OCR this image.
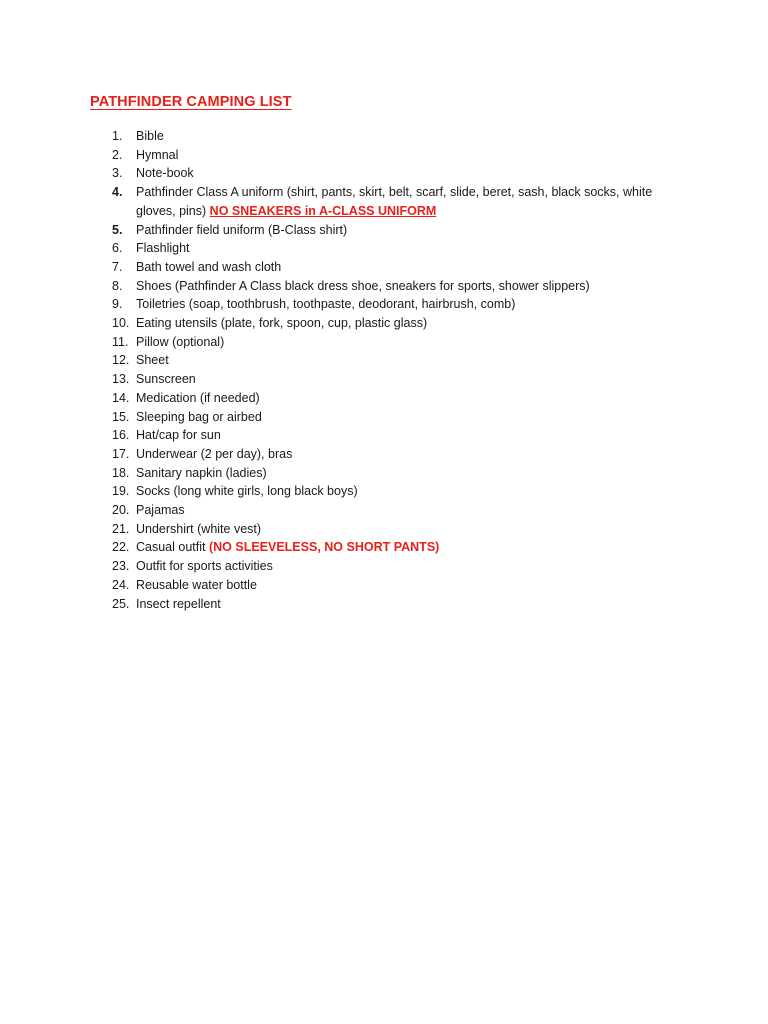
PATHFINDER CAMPING LIST
1.	Bible
2.	Hymnal
3.	Note-book
4.	Pathfinder Class A uniform (shirt, pants, skirt, belt, scarf, slide, beret, sash, black socks, white gloves, pins) NO SNEAKERS in A-CLASS UNIFORM
5.	Pathfinder field uniform (B-Class shirt)
6.	Flashlight
7.	Bath towel and wash cloth
8.	Shoes (Pathfinder A Class black dress shoe, sneakers for sports, shower slippers)
9.	Toiletries (soap, toothbrush, toothpaste, deodorant, hairbrush, comb)
10. Eating utensils (plate, fork, spoon, cup, plastic glass)
11. Pillow (optional)
12. Sheet
13. Sunscreen
14. Medication (if needed)
15. Sleeping bag or airbed
16. Hat/cap for sun
17. Underwear (2 per day), bras
18. Sanitary napkin (ladies)
19. Socks (long white girls, long black boys)
20. Pajamas
21. Undershirt (white vest)
22. Casual outfit (NO SLEEVELESS, NO SHORT PANTS)
23. Outfit for sports activities
24. Reusable water bottle
25. Insect repellent
